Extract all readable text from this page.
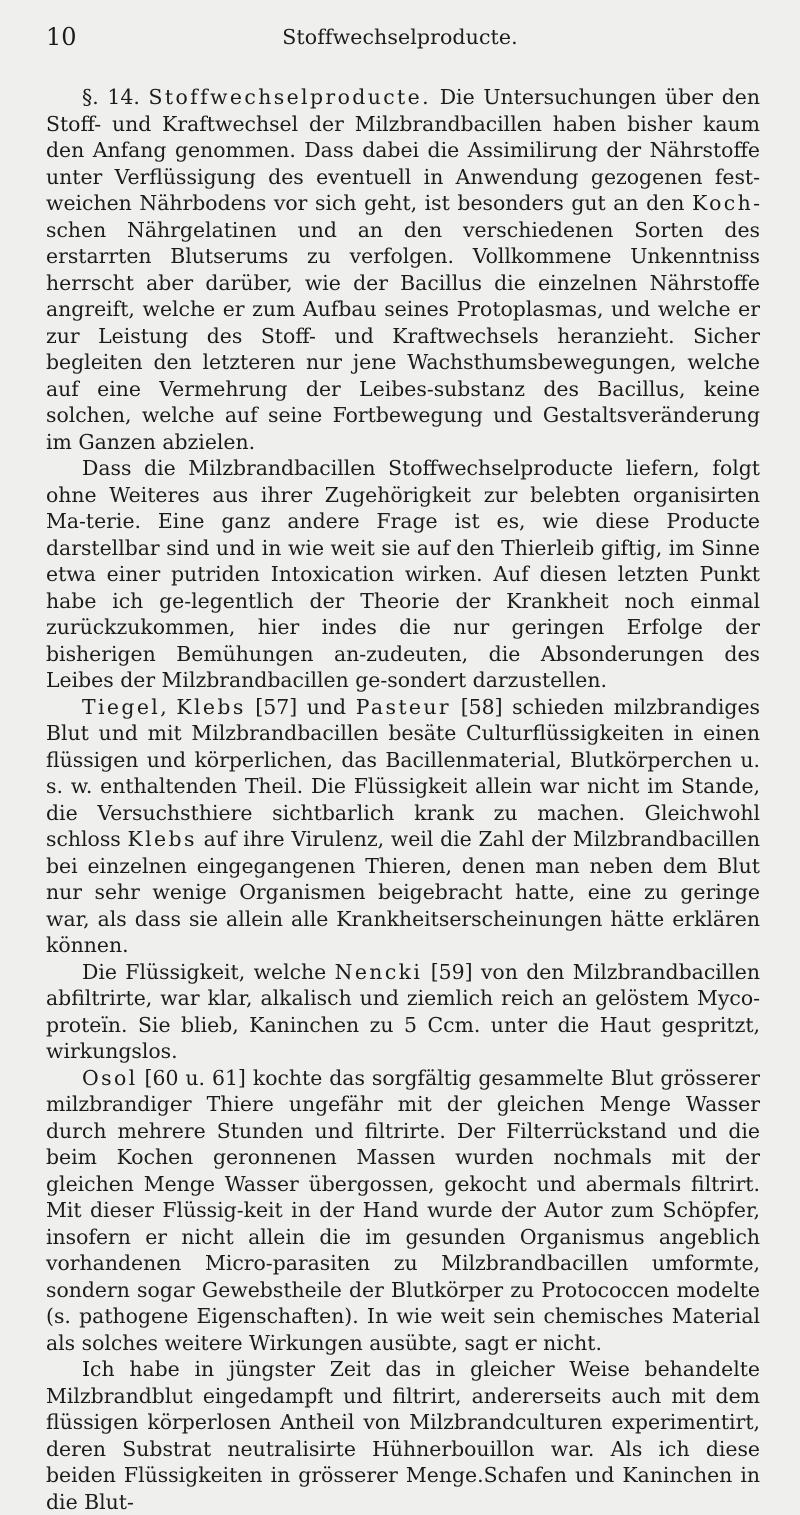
10	Stoffwechselproducte.

§. 14. Stoffwechselproducte. Die Untersuchungen über den Stoff- und Kraftwechsel der Milzbrandbacillen haben bisher kaum den Anfang genommen. Dass dabei die Assimilirung der Nährstoffe unter Verflüssigung des eventuell in Anwendung gezogenen fest-weichen Nährbodens vor sich geht, ist besonders gut an den Koch-schen Nährgelatinen und an den verschiedenen Sorten des erstarrten Blutserums zu verfolgen. Vollkommene Unkenntniss herrscht aber darüber, wie der Bacillus die einzelnen Nährstoffe angreift, welche er zum Aufbau seines Protoplasmas, und welche er zur Leistung des Stoff- und Kraftwechsels heranzieht. Sicher begleiten den letzteren nur jene Wachsthumsbewegungen, welche auf eine Vermehrung der Leibes-substanz des Bacillus, keine solchen, welche auf seine Fortbewegung und Gestaltsveränderung im Ganzen abzielen.

Dass die Milzbrandbacillen Stoffwechselproducte liefern, folgt ohne Weiteres aus ihrer Zugehörigkeit zur belebten organisirten Ma-terie. Eine ganz andere Frage ist es, wie diese Producte darstellbar sind und in wie weit sie auf den Thierleib giftig, im Sinne etwa einer putriden Intoxication wirken. Auf diesen letzten Punkt habe ich ge-legentlich der Theorie der Krankheit noch einmal zurückzukommen, hier indes die nur geringen Erfolge der bisherigen Bemühungen an-zudeuten, die Absonderungen des Leibes der Milzbrandbacillen ge-sondert darzustellen.

Tiegel, Klebs [57] und Pasteur [58] schieden milzbrandiges Blut und mit Milzbrandbacillen besäte Culturflüssigkeiten in einen flüssigen und körperlichen, das Bacillenmaterial, Blutkörperchen u. s. w. enthaltenden Theil. Die Flüssigkeit allein war nicht im Stande, die Versuchsthiere sichtbarlich krank zu machen. Gleichwohl schloss Klebs auf ihre Virulenz, weil die Zahl der Milzbrandbacillen bei einzelnen eingegangenen Thieren, denen man neben dem Blut nur sehr wenige Organismen beigebracht hatte, eine zu geringe war, als dass sie allein alle Krankheitserscheinungen hätte erklären können.

Die Flüssigkeit, welche Nencki [59] von den Milzbrandbacillen abfiltrirte, war klar, alkalisch und ziemlich reich an gelöstem Myco-proteïn. Sie blieb, Kaninchen zu 5 Ccm. unter die Haut gespritzt, wirkungslos.

Osol [60 u. 61] kochte das sorgfältig gesammelte Blut grösserer milzbrandiger Thiere ungefähr mit der gleichen Menge Wasser durch mehrere Stunden und filtrirte. Der Filterrückstand und die beim Kochen geronnenen Massen wurden nochmals mit der gleichen Menge Wasser übergossen, gekocht und abermals filtrirt. Mit dieser Flüssig-keit in der Hand wurde der Autor zum Schöpfer, insofern er nicht allein die im gesunden Organismus angeblich vorhandenen Micro-parasiten zu Milzbrandbacillen umformte, sondern sogar Gewebstheile der Blutkörper zu Protococcen modelte (s. pathogene Eigenschaften). In wie weit sein chemisches Material als solches weitere Wirkungen ausübte, sagt er nicht.

Ich habe in jüngster Zeit das in gleicher Weise behandelte Milzbrandblut eingedampft und filtrirt, andererseits auch mit dem flüssigen körperlosen Antheil von Milzbrandculturen experimentirt, deren Substrat neutralisirte Hühnerbouillon war. Als ich diese beiden Flüssigkeiten in grösserer Menge.Schafen und Kaninchen in die Blut-
